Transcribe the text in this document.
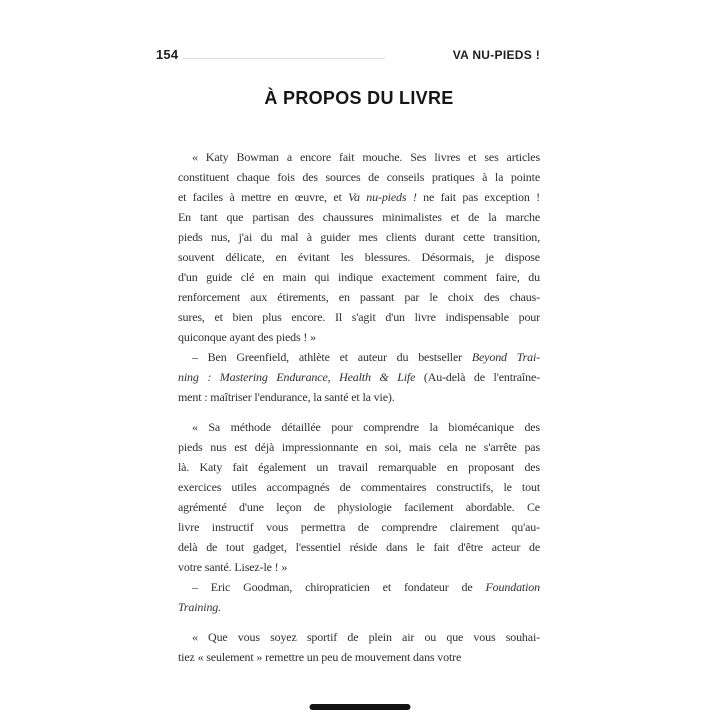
154	VA NU-PIEDS !
À PROPOS DU LIVRE
« Katy Bowman a encore fait mouche. Ses livres et ses articles
constituent chaque fois des sources de conseils pratiques à la pointe
et faciles à mettre en œuvre, et Va nu-pieds ! ne fait pas exception !
En tant que partisan des chaussures minimalistes et de la marche
pieds nus, j'ai du mal à guider mes clients durant cette transition,
souvent délicate, en évitant les blessures. Désormais, je dispose
d'un guide clé en main qui indique exactement comment faire, du
renforcement aux étirements, en passant par le choix des chaus-
sures, et bien plus encore. Il s'agit d'un livre indispensable pour
quiconque ayant des pieds ! »
– Ben Greenfield, athlète et auteur du bestseller Beyond Trai-
ning : Mastering Endurance, Health & Life (Au-delà de l'entraîne-
ment : maîtriser l'endurance, la santé et la vie).
« Sa méthode détaillée pour comprendre la biomécanique des
pieds nus est déjà impressionnante en soi, mais cela ne s'arrête pas
là. Katy fait également un travail remarquable en proposant des
exercices utiles accompagnés de commentaires constructifs, le tout
agrémenté d'une leçon de physiologie facilement abordable. Ce
livre instructif vous permettra de comprendre clairement qu'au-
delà de tout gadget, l'essentiel réside dans le fait d'être acteur de
votre santé. Lisez-le ! »
– Eric Goodman, chiropraticien et fondateur de Foundation
Training.
« Que vous soyez sportif de plein air ou que vous souhai-
tiez « seulement » remettre un peu de mouvement dans votre
